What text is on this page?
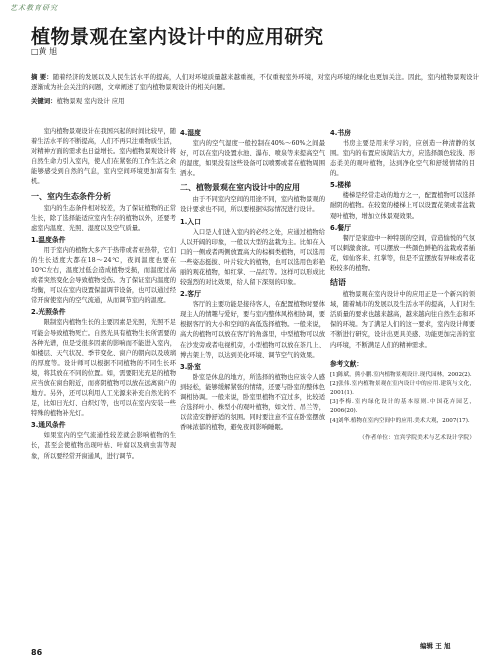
艺术教育研究
植物景观在室内设计中的应用研究
□黄 旭
摘 要：随着经济的发展以及人民生活水平的提高，人们对环境质量越来越重视，不仅重视室外环境，对室内环境的绿化也更加关注。因此，室内植物景观设计逐渐成为社会关注的问题，文章阐述了室内植物景观设计的相关问题。
关键词：植物景观 室内设计 应用

室内植物景观设计在我国兴起的时间比较早，随着生活水平的不断提高，人们不再只注重物质生活，对精神方面的需求也日益增长。室内植物景观设计将自然生命力引入室内，使人们在紧张的工作生活之余能够感受到自然的气息，室内空间环境更加富有生机。

一、室内生态条件分析

室内的生态条件相对较差，为了保证植物的正常生长，除了选择能适应室内生存的植物以外，还要考虑室内温度、光照、湿度以及空气质量。

1.温度条件

用于室内的植物大多产于热带或者亚热带，它们的生长适度大都在18～24℃，夜间温度也要在10℃左右，温度过低会造成植物受损，而温度过高或者突然变化会导致植物受伤。为了保证室内温度的均衡，可以在室内设置保温调节设备，也可以通过经常开窗使室内的空气流通，从而调节室内的温度。

2.光照条件

限制室内植物生长的主要因素是光照，光照不足可能会导致植物死亡。自然光具有植物生长所需要的各种光谱，但是受很多因素的影响而不能进入室内，如楼层、天气状况、季节变化、窗户的朝向以及玻璃的厚度等。设计师可以根据不同植物的不同生长环境，将其放在不同的位置。如，需要阳光充足的植物应当放在窗台附近，而喜阴植物可以放在远离窗户的地方。另外，还可以利用人工光源来补充自然光的不足，比如日光灯、白炽灯等，也可以在室内安装一些特殊的植物补光灯。

3.通风条件

如果室内的空气流通性较差就会影响植物的生长，甚至会使植物出现叶枯、叶腐以及病虫害等现象，所以要经常开窗通风，进行调节。

4.湿度

室内的空气湿度一般控制在40%～60%之间最好，可以在室内设置水池、瀑布、喷泉等来提高空气的湿度，如果没有这些设备可以喷雾或者在植物周围洒水。

二、植物景观在室内设计中的应用

由于不同室内空间的用途不同，室内植物景观的设计要求也不同，所以要根据实际情况进行设计。

1.入口

入口是人们进入室内的必经之处，应通过植物给人以开阔的印象，一般以大型的盆栽为主。比如在入口的一侧或者两侧放置高大的棕榈类植物，可以选用一些姿态挺拔、叶片较大的植物，也可以选用色彩艳丽的观花植物，如红掌、一品红等。这样可以形成比较强烈的对比效果，给人留下深刻的印象。

2.客厅

客厅的主要功能是接待客人，在配置植物时要体现主人的情趣与爱好，要与室内整体风格相协调，要根据客厅的大小和空间的高低选择植物。一般来说，高大的植物可以放在客厅的角落里，中型植物可以放在沙发旁或者电视机旁，小型植物可以放在茶几上、博古架上等，以达到美化环境、调节空气的效果。

3.卧室

卧室是休息的地方，所选择的植物也应该令人感到轻松，能够缓解紧张的情绪，还要与卧室的整体色调相协调。一般来说，卧室里植物不宜过多，比较适合选择叶小、株型小的观叶植物，如文竹、吊兰等，以营造安静舒适的氛围。同时要注意不宜在卧室摆放香味浓郁的植物，避免夜间影响睡眠。

4.书房

书房主要是用来学习的，应创造一种清静的氛围。室内的布置应该简洁大方，应选择颜色较浅、形态柔美的观叶植物，达到净化空气和舒缓情绪的目的。

5.楼梯

楼梯是经常走动的地方之一，配置植物可以选择耐阴的植物。在较宽的楼梯上可以设置花架或者盆栽观叶植物，增加立体景观效果。

6.餐厅

餐厅是家庭中一种特别的空间，营造愉悦的气氛可以刺激食欲。可以摆放一些颜色鲜艳的盆栽或者插花，如仙客来、红掌等，但是不宜摆放有异味或者花粉较多的植物。

结语

植物景观在室内设计中的应用正是一个新兴的领域，随着城市的发展以及生活水平的提高，人们对生活质量的要求也越来越高，越来越向往自然生态和环保的环境。为了满足人们的这一要求，室内设计师要不断进行研究，设计出更具美感、功能更加完善的室内环境，不断满足人们的精神需求。

参考文献：

[1]陈斌，熊小鹏.室内植物景观设计.现代园林，2002(2).

[2]张伟.室内植物景观在室内设计中的应用.建筑与文化，2001(1).

[3]李梅.室内绿化设计的基本原则.中国花卉园艺，2006(20).

[4]刘华.植物在室内空间中的应用.美术大观，2007(17).

（作者单位：宜宾学院美术与艺术设计学院）

编辑 王 旭
86
